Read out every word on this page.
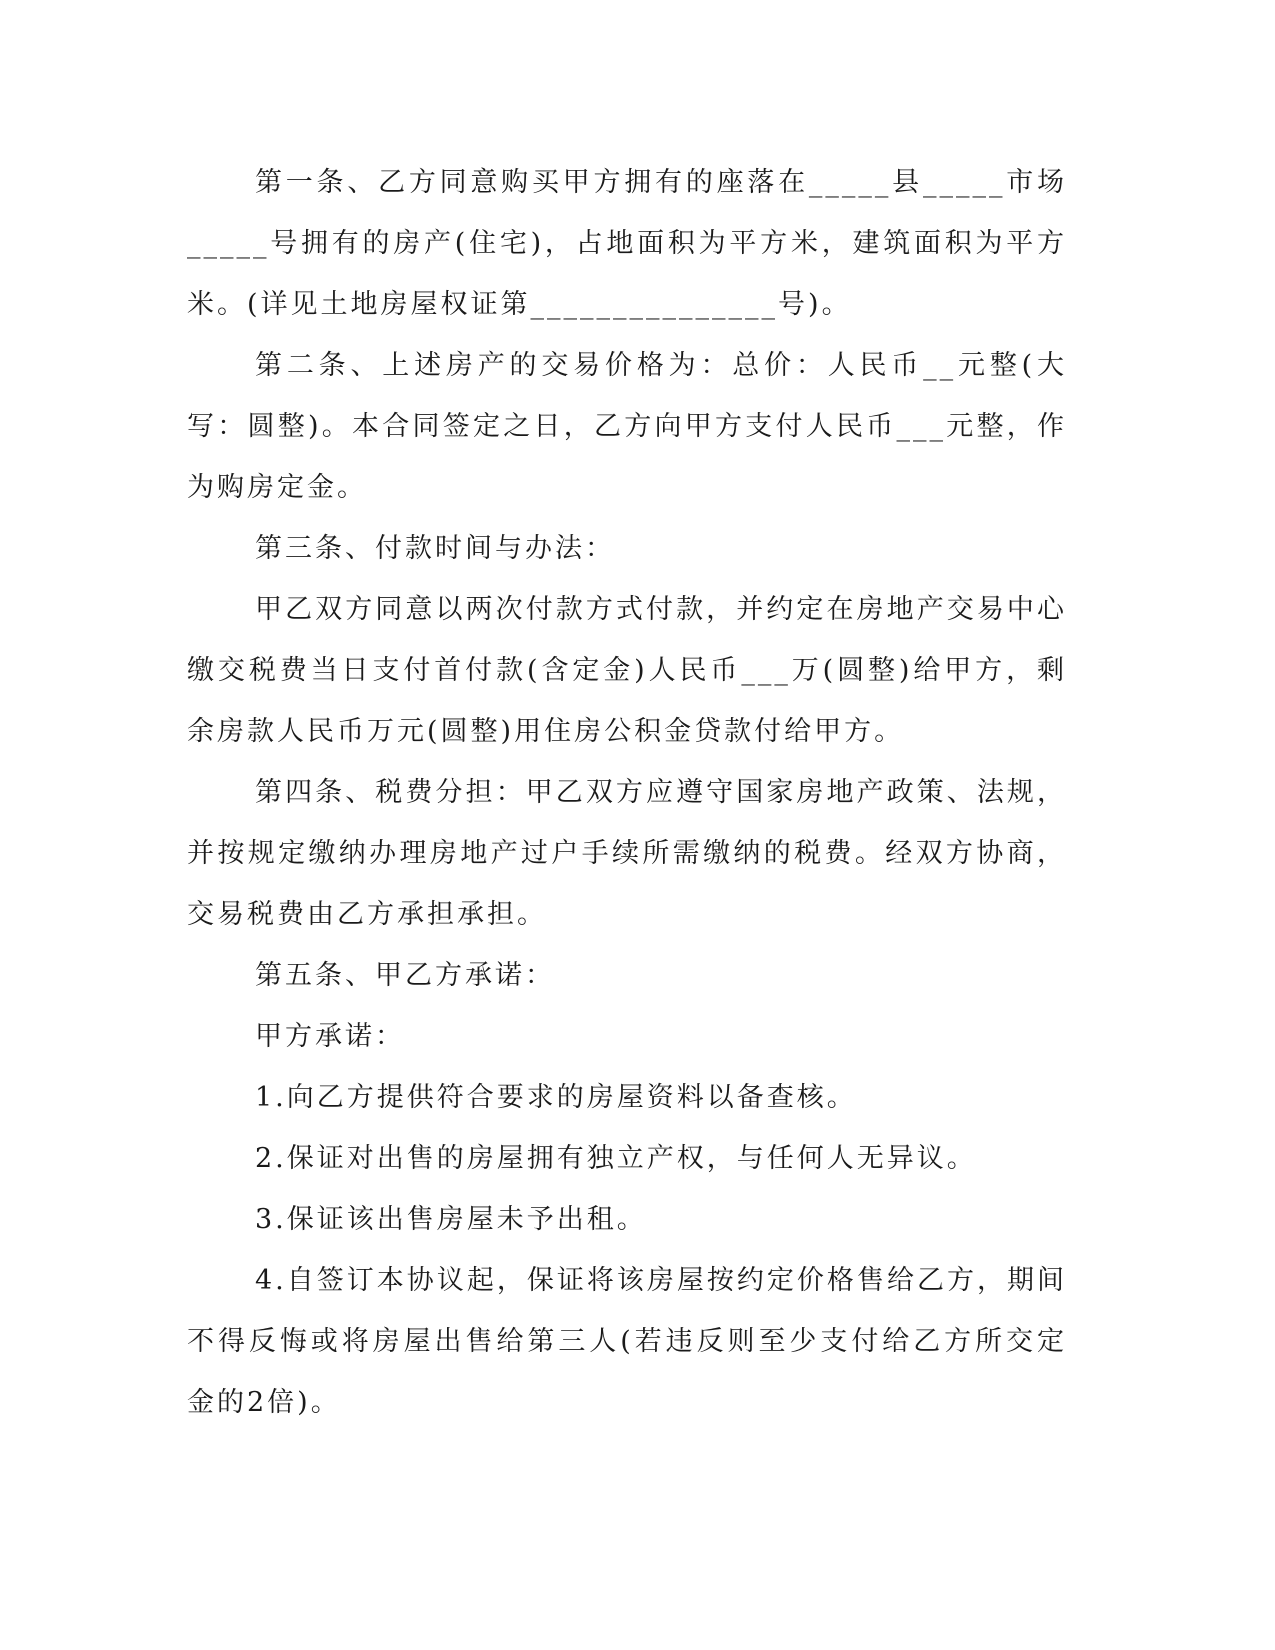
第一条、乙方同意购买甲方拥有的座落在_____县_____市场_____号拥有的房产(住宅)，占地面积为平方米，建筑面积为平方米。(详见土地房屋权证第_______________号)。

第二条、上述房产的交易价格为：总价：人民币__元整(大写：圆整)。本合同签定之日，乙方向甲方支付人民币___元整，作为购房定金。

第三条、付款时间与办法：

甲乙双方同意以两次付款方式付款，并约定在房地产交易中心缴交税费当日支付首付款(含定金)人民币___万(圆整)给甲方，剩余房款人民币万元(圆整)用住房公积金贷款付给甲方。

第四条、税费分担：甲乙双方应遵守国家房地产政策、法规，并按规定缴纳办理房地产过户手续所需缴纳的税费。经双方协商，交易税费由乙方承担承担。

第五条、甲乙方承诺：

甲方承诺：

1.向乙方提供符合要求的房屋资料以备查核。

2.保证对出售的房屋拥有独立产权，与任何人无异议。

3.保证该出售房屋未予出租。

4.自签订本协议起，保证将该房屋按约定价格售给乙方，期间不得反悔或将房屋出售给第三人(若违反则至少支付给乙方所交定金的2倍)。
